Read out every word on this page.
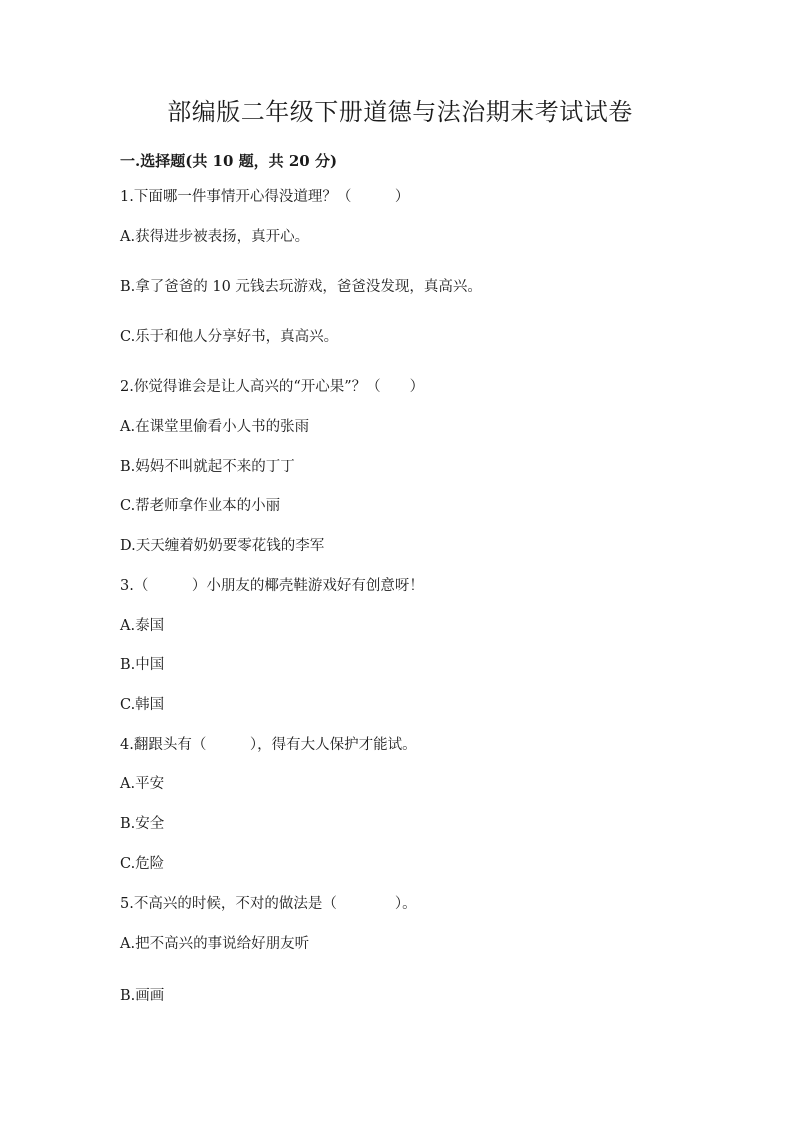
部编版二年级下册道德与法治期末考试试卷
一.选择题(共 10 题，共 20 分)
1.下面哪一件事情开心得没道理？（　　　）
A.获得进步被表扬，真开心。
B.拿了爸爸的 10 元钱去玩游戏，爸爸没发现，真高兴。
C.乐于和他人分享好书，真高兴。
2.你觉得谁会是让人高兴的“开心果”？（　　）
A.在课堂里偷看小人书的张雨
B.妈妈不叫就起不来的丁丁
C.帮老师拿作业本的小丽
D.天天缠着奶奶要零花钱的李军
3.（　　　）小朋友的椰壳鞋游戏好有创意呀！
A.泰国
B.中国
C.韩国
4.翻跟头有（　　　），得有大人保护才能试。
A.平安
B.安全
C.危险
5.不高兴的时候，不对的做法是（　　　　）。
A.把不高兴的事说给好朋友听
B.画画
